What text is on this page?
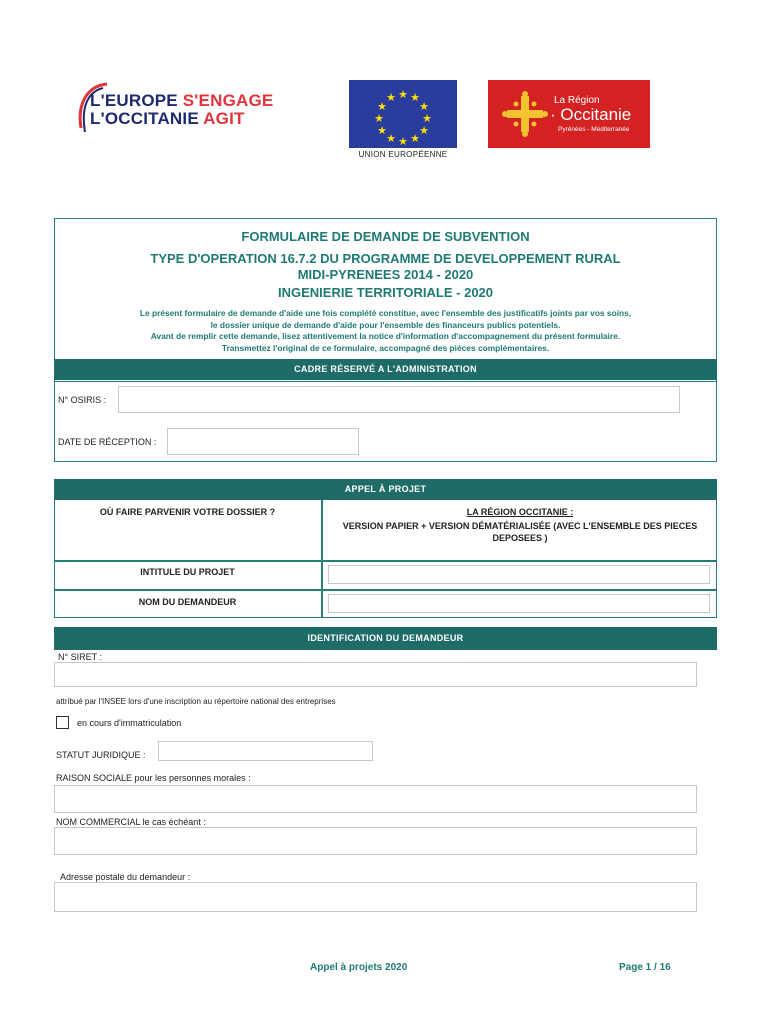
L'EUROPE S'ENGAGE
L'OCCITANIE AGIT
★ ★
★
★
★
★
★
★
★
★
★
★
UNION EUROPÉENNE
La Région
· Occitanie
Pyrénées - Méditerranée
FORMULAIRE DE DEMANDE DE SUBVENTION
TYPE D'OPERATION 16.7.2 DU PROGRAMME DE DEVELOPPEMENT RURAL
MIDI-PYRENEES 2014 - 2020
INGENIERIE TERRITORIALE - 2020
Le présent formulaire de demande d'aide une fois complété constitue, avec l'ensemble des justificatifs joints par vos soins,
le dossier unique de demande d'aide pour l'ensemble des financeurs publics potentiels.
Avant de remplir cette demande, lisez attentivement la notice d'information d'accompagnement du présent formulaire.
Transmettez l'original de ce formulaire, accompagné des pièces complémentaires.
CADRE RÉSERVÉ A L'ADMINISTRATION
N° OSIRIS :
DATE DE RÉCEPTION :
APPEL À PROJET
OÙ FAIRE PARVENIR VOTRE DOSSIER ?	LA RÉGION OCCITANIE :
VERSION PAPIER + VERSION DÉMATÉRIALISÉE (AVEC L'ENSEMBLE DES PIECES DEPOSEES )
INTITULE DU PROJET
NOM DU DEMANDEUR
IDENTIFICATION DU DEMANDEUR
N° SIRET :
attribué par l'INSEE lors d'une inscription au répertoire national des entreprises
en cours d'immatriculation
STATUT JURIDIQUE :
RAISON SOCIALE pour les personnes morales :
NOM COMMERCIAL le cas échéant :
Adresse postale du demandeur :
Appel à projets 2020	Page 1 / 16
